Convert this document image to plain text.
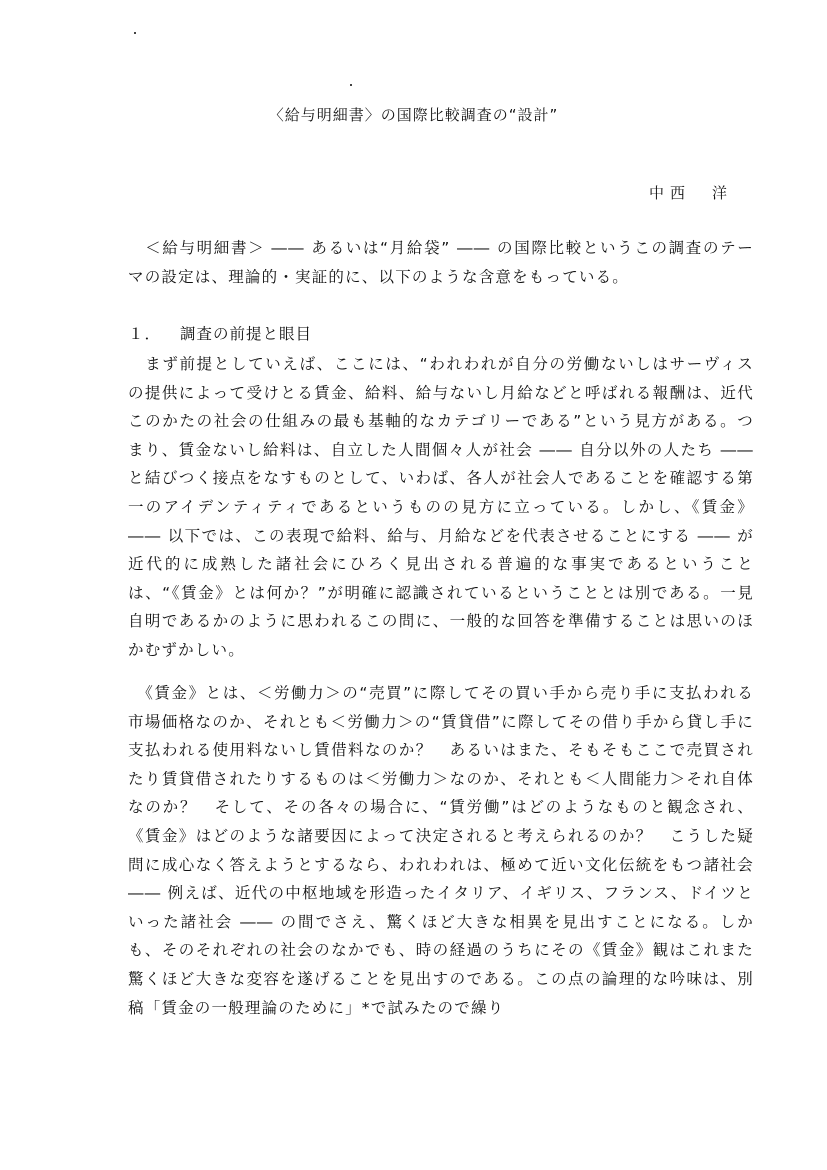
〈給与明細書〉の国際比較調査の“設計”
中西　洋

　＜給与明細書＞ ―― あるいは“月給袋” ―― の国際比較というこの調査のテーマの設定は、理論的・実証的に、以下のような含意をもっている。

１． 調査の前提と眼目

　まず前提としていえば、ここには、“われわれが自分の労働ないしはサーヴィスの提供によって受けとる賃金、給料、給与ないし月給などと呼ばれる報酬は、近代このかたの社会の仕組みの最も基軸的なカテゴリーである”という見方がある。つまり、賃金ないし給料は、自立した人間個々人が社会 ―― 自分以外の人たち ―― と結びつく接点をなすものとして、いわば、各人が社会人であることを確認する第一のアイデンティティであるというものの見方に立っている。しかし、《賃金》 ―― 以下では、この表現で給料、給与、月給などを代表させることにする ―― が近代的に成熟した諸社会にひろく見出される普遍的な事実であるということは、“《賃金》とは何か？”が明確に認識されているということとは別である。一見自明であるかのように思われるこの問に、一般的な回答を準備することは思いのほかむずかしい。

　《賃金》とは、＜労働力＞の“売買”に際してその買い手から売り手に支払われる市場価格なのか、それとも＜労働力＞の“賃貸借”に際してその借り手から貸し手に支払われる使用料ないし賃借料なのか？　あるいはまた、そもそもここで売買されたり賃貸借されたりするものは＜労働力＞なのか、それとも＜人間能力＞それ自体なのか？　そして、その各々の場合に、“賃労働”はどのようなものと観念され、《賃金》はどのような諸要因によって決定されると考えられるのか？　こうした疑問に成心なく答えようとするなら、われわれは、極めて近い文化伝統をもつ諸社会 ―― 例えば、近代の中枢地域を形造ったイタリア、イギリス、フランス、ドイツといった諸社会 ―― の間でさえ、驚くほど大きな相異を見出すことになる。しかも、そのそれぞれの社会のなかでも、時の経過のうちにその《賃金》観はこれまた驚くほど大きな変容を遂げることを見出すのである。この点の論理的な吟味は、別稿「賃金の一般理論のために」*で試みたので繰り
